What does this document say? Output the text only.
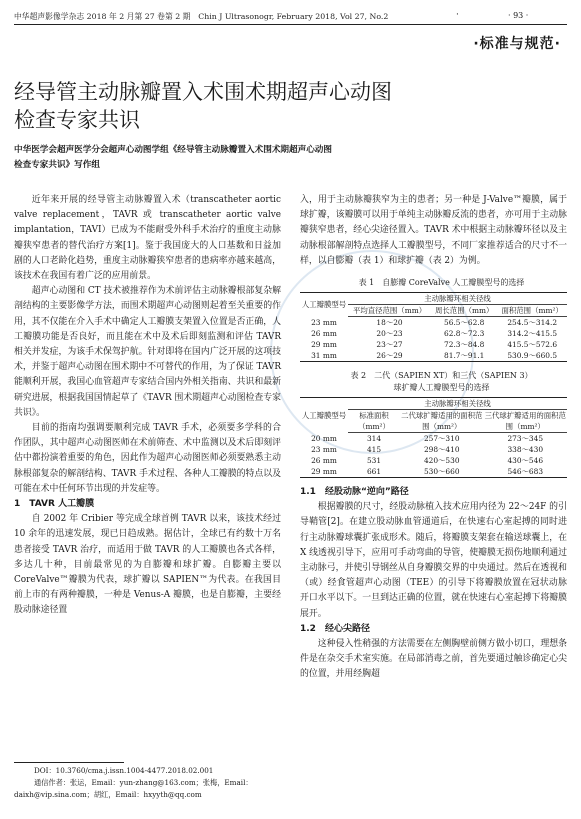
中华超声影像学杂志 2018 年 2 月第 27 卷第 2 期　Chin J Ultrasonogr, February 2018, Vol 27, No.2	·	· 93 ·
·标准与规范·
经导管主动脉瓣置入术围术期超声心动图
检查专家共识
中华医学会超声医学分会超声心动图学组《经导管主动脉瓣置入术围术期超声心动图
检查专家共识》写作组

近年来开展的经导管主动脉瓣置入术（transcatheter aortic valve replacement，TAVR 或 transcatheter aortic valve implantation，TAVI）已成为不能耐受外科手术治疗的重度主动脉瓣狭窄患者的替代治疗方案[1]。鉴于我国庞大的人口基数和日益加剧的人口老龄化趋势，重度主动脉瓣狭窄患者的患病率亦越来越高，该技术在我国有着广泛的应用前景。

超声心动图和 CT 技术被推荐作为术前评估主动脉瓣根部复杂解剖结构的主要影像学方法，而围术期超声心动图则起着至关重要的作用，其不仅能在介入手术中确定人工瓣膜支架置入位置是否正确，人工瓣膜功能是否良好，而且能在术中及术后即刻监测和评估 TAVR 相关并发症，为该手术保驾护航。针对即将在国内广泛开展的这项技术，并鉴于超声心动图在围术期中不可替代的作用，为了保证 TAVR 能顺利开展，我国心血管超声专家结合国内外相关指南、共识和最新研究进展，根据我国国情起草了《TAVR 围术期超声心动图检查专家共识》。

目前的指南均强调要顺利完成 TAVR 手术，必须要多学科的合作团队，其中超声心动图医师在术前筛查、术中监测以及术后即刻评估中都扮演着重要的角色，因此作为超声心动图医师必须要熟悉主动脉根部复杂的解剖结构、TAVR 手术过程、各种人工瓣膜的特点以及可能在术中任何环节出现的并发症等。

1　TAVR 人工瓣膜

自 2002 年 Cribier 等完成全球首例 TAVR 以来，该技术经过 10 余年的迅速发展，现已日趋成熟。据估计，全球已有约数十万名患者接受 TAVR 治疗，而适用于做 TAVR 的人工瓣膜也各式各样，多达几十种，目前最常见的为自膨瓣和球扩瓣。自膨瓣主要以 CoreValve™瓣膜为代表，球扩瓣以 SAPIEN™为代表。在我国目前上市的有两种瓣膜，一种是 Venus-A 瓣膜，也是自膨瓣，主要经股动脉途径置

DOI：10.3760/cma.j.issn.1004-4477.2018.02.001
通信作者：张运，Email：yun-zhang@163.com；张梅，Email：
daixh@vip.sina.com；胡红，Email：hxyyth@qq.com

入，用于主动脉瓣狭窄为主的患者；另一种是 J-Valve™瓣膜，属于球扩瓣，该瓣膜可以用于单纯主动脉瓣反流的患者，亦可用于主动脉瓣狭窄患者，经心尖途径置入。TAVR 术中根据主动脉瓣环径以及主动脉根部解剖特点选择人工瓣膜型号，不同厂家推荐适合的尺寸不一样，以自膨瓣（表 1）和球扩瓣（表 2）为例。

表 1　自膨瓣 CoreValve 人工瓣膜型号的选择

人工瓣膜型号	主动脉瓣环相关径线		
	平均直径范围（mm）	周长范围（mm）	面积范围（mm²）
23 mm	18～20	56.5～62.8	254.5～314.2
26 mm	20～23	62.8～72.3	314.2～415.5
29 mm	23～27	72.3～84.8	415.5～572.6
31 mm	26～29	81.7～91.1	530.9～660.5

表 2　二代（SAPIEN XT）和三代（SAPIEN 3）

球扩瓣人工瓣膜型号的选择

人工瓣膜型号	主动脉瓣环相关径线		
	标准面积（mm²）	二代球扩瓣适用的面积范围（mm²）	三代球扩瓣适用的面积范围（mm²）
20 mm	314	257～310	273～345
23 mm	415	298～410	338～430
26 mm	531	420～530	430～546
29 mm	661	530～660	546～683

1.1　经股动脉“逆向”路径

根据瓣膜的尺寸，经股动脉植入技术应用内径为 22～24F 的引导鞘管[2]。在建立股动脉血管通道后，在快速右心室起搏的同时进行主动脉瓣球囊扩张成形术。随后，将瓣膜支架套在输送球囊上，在 X 线透视引导下，应用可手动弯曲的导管，使瓣膜无损伤地顺利通过主动脉弓，并使引导钢丝从自身瓣膜交界的中央通过。然后在透视和（或）经食管超声心动图（TEE）的引导下将瓣膜放置在冠状动脉开口水平以下。一旦到达正确的位置，就在快速右心室起搏下将瓣膜展开。

1.2　经心尖路径

这种侵入性稍强的方法需要在左侧胸壁前侧方做小切口，理想条件是在杂交手术室实施。在局部消毒之前，首先要通过触诊确定心尖的位置，并用经胸超
